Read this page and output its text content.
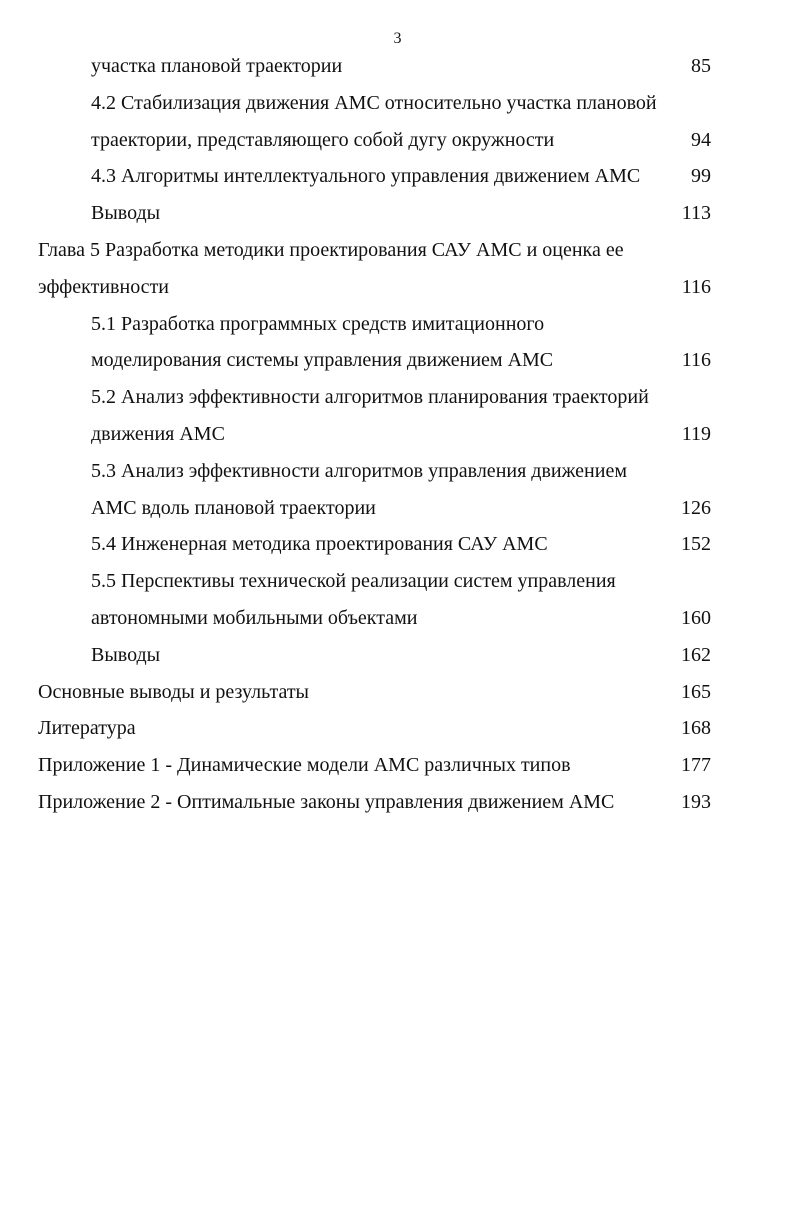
3
участка плановой траектории	85
4.2 Стабилизация движения АМС относительно участка плановой
траектории, представляющего собой дугу окружности	94
4.3 Алгоритмы интеллектуального управления движением АМС	99
Выводы	113
Глава 5 Разработка методики проектирования САУ АМС и оценка ее
эффективности	116
5.1 Разработка программных средств имитационного
моделирования системы управления движением АМС	116
5.2 Анализ эффективности алгоритмов планирования траекторий
движения АМС	119
5.3 Анализ эффективности алгоритмов управления движением
АМС вдоль плановой траектории	126
5.4 Инженерная методика проектирования САУ АМС	152
5.5 Перспективы технической реализации систем управления
автономными мобильными объектами	160
Выводы	162
Основные выводы и результаты	165
Литература	168
Приложение 1 - Динамические модели АМС различных типов	177
Приложение 2 - Оптимальные законы управления движением АМС	193
